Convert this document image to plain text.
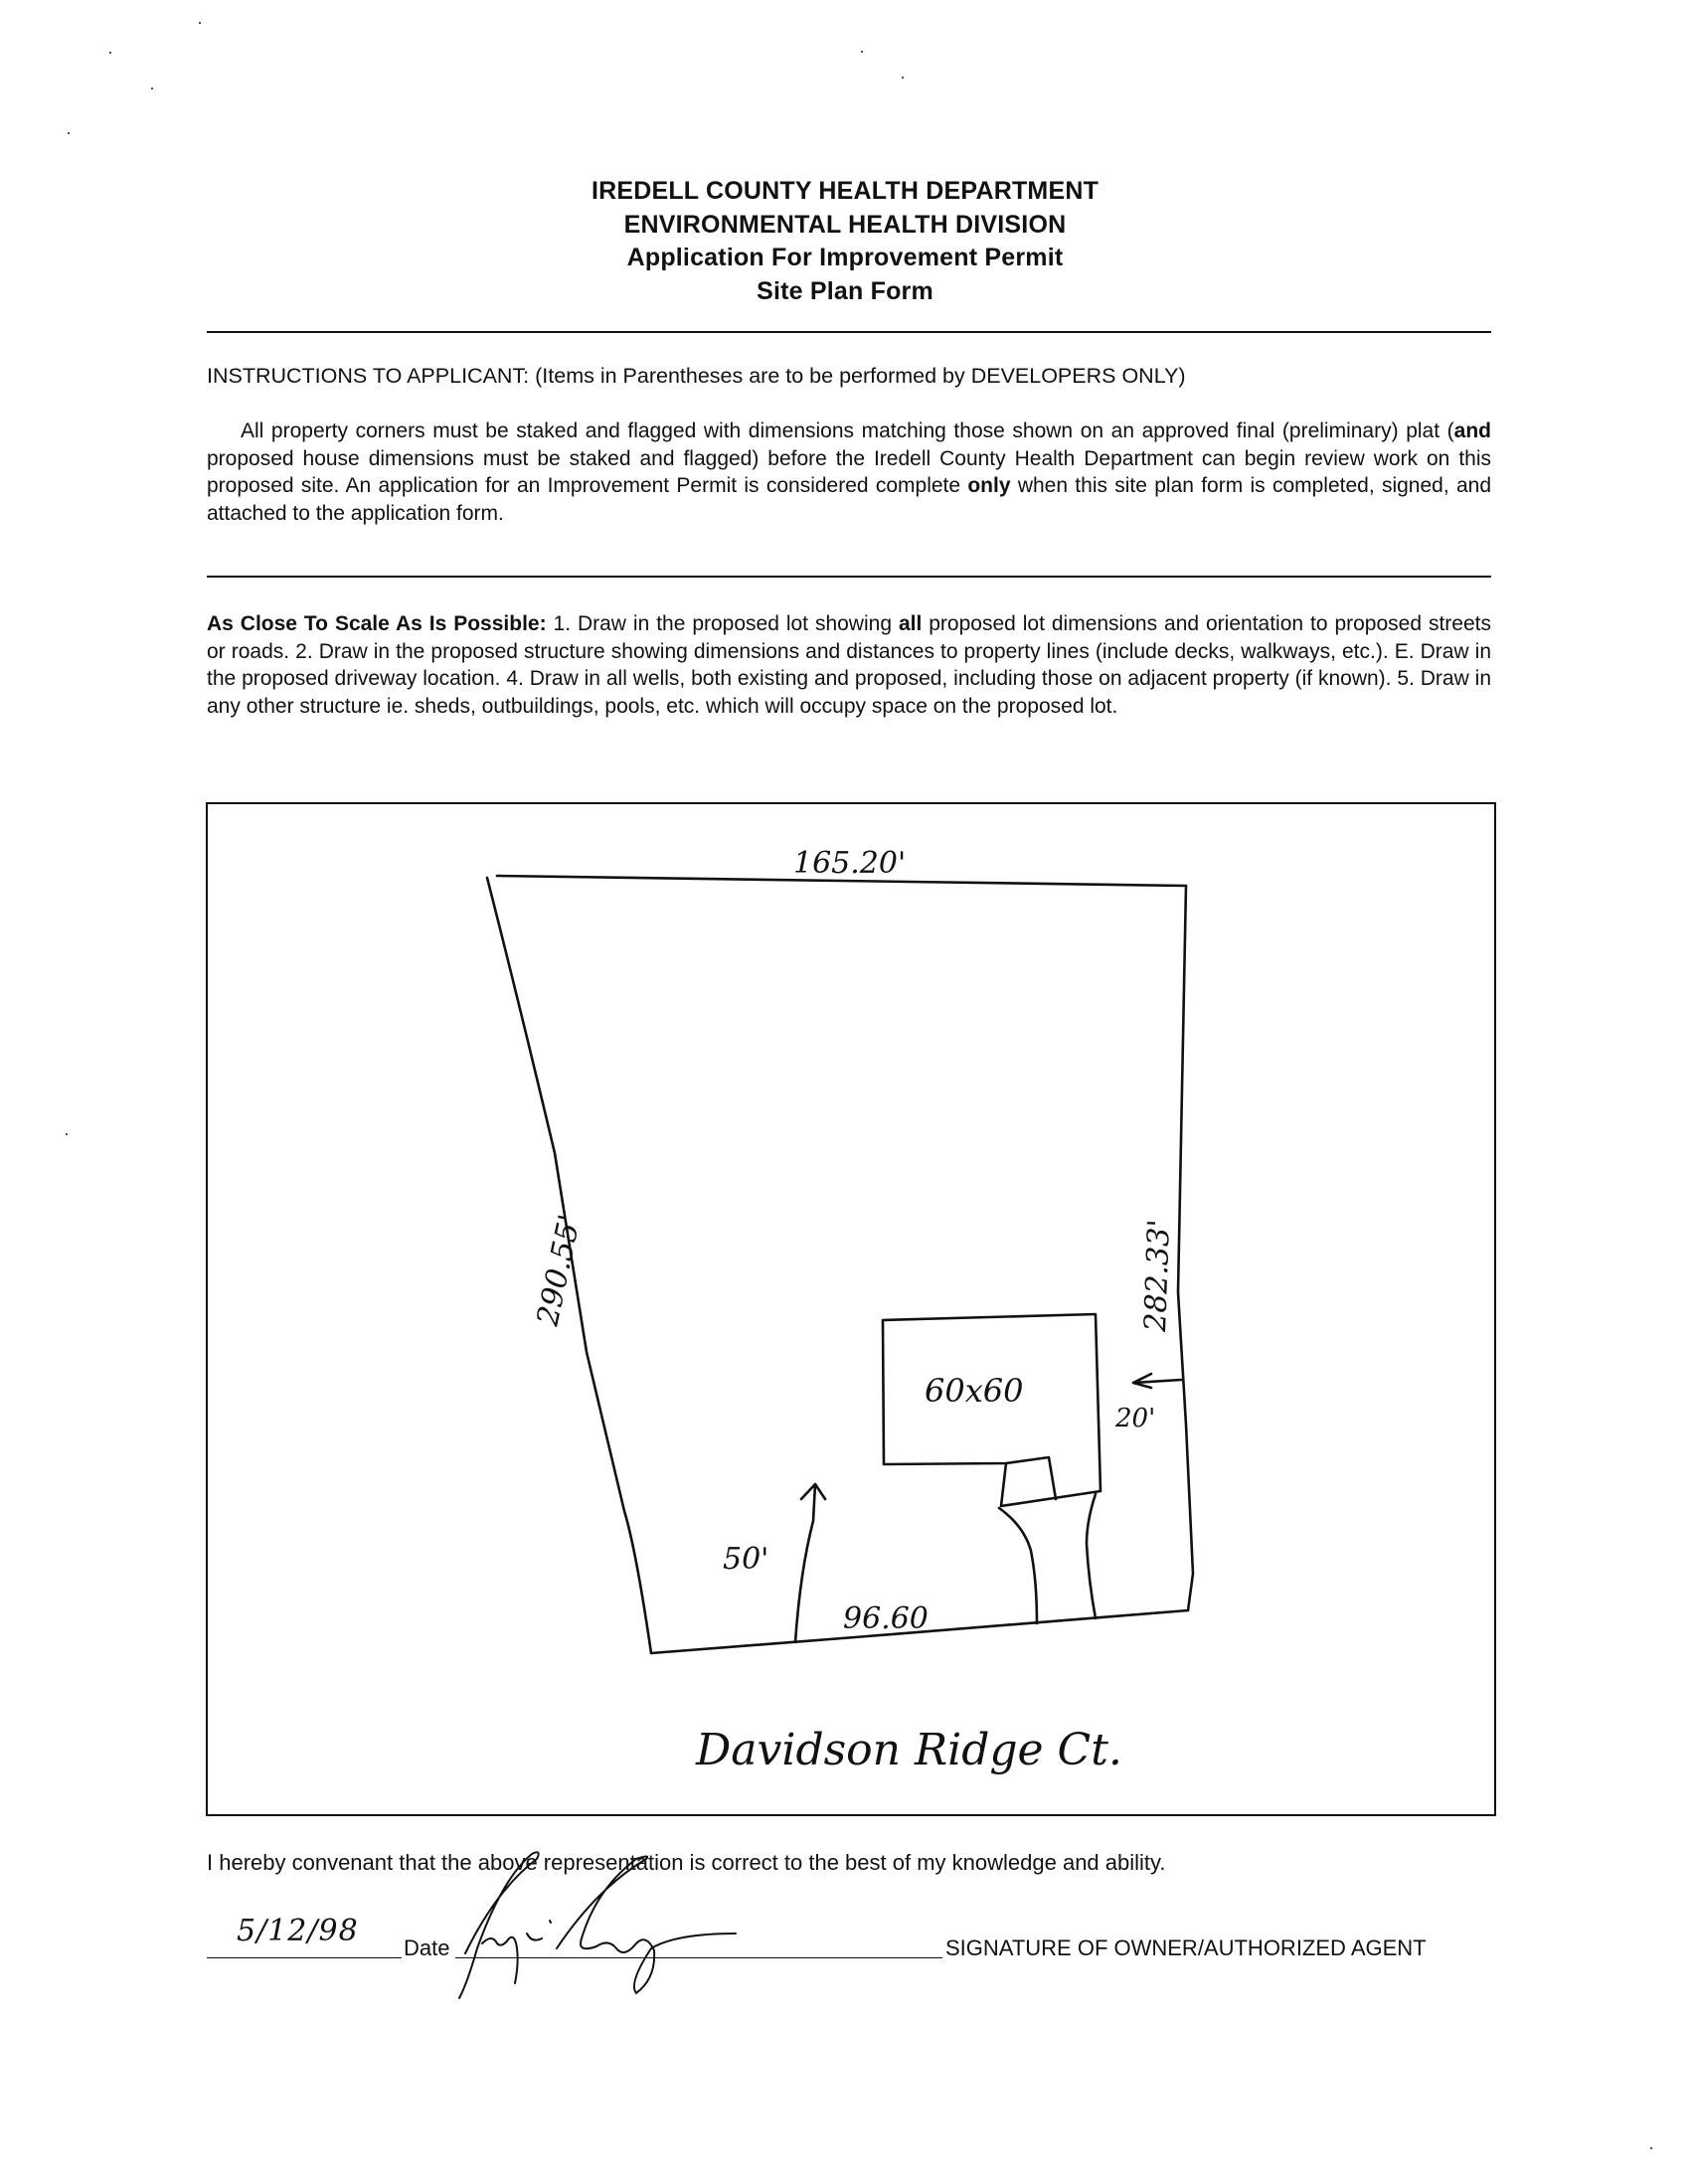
IREDELL COUNTY HEALTH DEPARTMENT
ENVIRONMENTAL HEALTH DIVISION
Application For Improvement Permit
Site Plan Form
INSTRUCTIONS TO APPLICANT: (Items in Parentheses are to be performed by DEVELOPERS ONLY)
All property corners must be staked and flagged with dimensions matching those shown on an approved final (preliminary) plat (and proposed house dimensions must be staked and flagged) before the Iredell County Health Department can begin review work on this proposed site. An application for an Improvement Permit is considered complete only when this site plan form is completed, signed, and attached to the application form.
As Close To Scale As Is Possible: 1. Draw in the proposed lot showing all proposed lot dimensions and orientation to proposed streets or roads. 2. Draw in the proposed structure showing dimensions and distances to property lines (include decks, walkways, etc.). E. Draw in the proposed driveway location. 4. Draw in all wells, both existing and proposed, including those on adjacent property (if known). 5. Draw in any other structure ie. sheds, outbuildings, pools, etc. which will occupy space on the proposed lot.
165.20'
290.55'	282.33'
96.60
60x60
20'
50'
Davidson Ridge Ct.
I hereby convenant that the above representation is correct to the best of my knowledge and ability.
5/12/98 Date	SIGNATURE OF OWNER/AUTHORIZED AGENT
